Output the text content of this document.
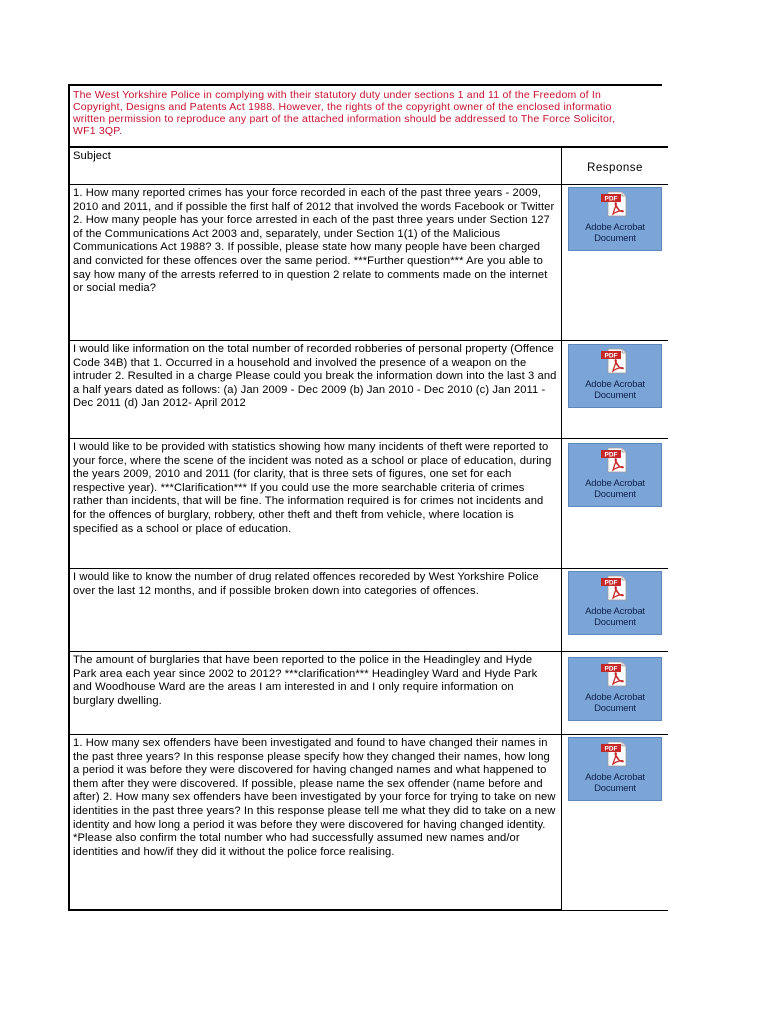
The West Yorkshire Police in complying with their statutory duty under sections 1 and 11 of the Freedom of In
Copyright, Designs and Patents Act 1988. However, the rights of the copyright owner of the enclosed informatio
written permission to reproduce any part of the attached information should be addressed to The Force Solicitor,
WF1 3QP.
Subject	Response

1. How many reported crimes has your force recorded in each of the past three years - 2009, 2010 and 2011, and if possible the first half of 2012 that involved the words Facebook or Twitter 2. How many people has your force arrested in each of the past three years under Section 127 of the Communications Act 2003 and, separately, under Section 1(1) of the Malicious Communications Act 1988? 3. If possible, please state how many people have been charged and convicted for these offences over the same period. ***Further question*** Are you able to say how many of the arrests referred to in question 2 relate to comments made on the internet or social media?	PDF
Adobe Acrobat Document

I would like information on the total number of recorded robberies of personal property (Offence Code 34B) that 1. Occurred in a household and involved the presence of a weapon on the intruder 2. Resulted in a charge Please could you break the information down into the last 3 and a half years dated as follows: (a) Jan 2009 - Dec 2009 (b) Jan 2010 - Dec 2010 (c) Jan 2011 - Dec 2011 (d) Jan 2012- April 2012	PDF
Adobe Acrobat Document

I would like to be provided with statistics showing how many incidents of theft were reported to your force, where the scene of the incident was noted as a school or place of education, during the years 2009, 2010 and 2011 (for clarity, that is three sets of figures, one set for each respective year). ***Clarification*** If you could use the more searchable criteria of crimes rather than incidents, that will be fine. The information required is for crimes not incidents and for the offences of burglary, robbery, other theft and theft from vehicle, where location is specified as a school or place of education.	PDF
Adobe Acrobat Document

I would like to know the number of drug related offences recoreded by West Yorkshire Police over the last 12 months, and if possible broken down into categories of offences.	PDF
Adobe Acrobat Document

The amount of burglaries that have been reported to the police in the Headingley and Hyde Park area each year since 2002 to 2012? ***clarification*** Headingley Ward and Hyde Park and Woodhouse Ward are the areas I am interested in and I only require information on burglary dwelling.	PDF
Adobe Acrobat Document

1. How many sex offenders have been investigated and found to have changed their names in the past three years? In this response please specify how they changed their names, how long a period it was before they were discovered for having changed names and what happened to them after they were discovered. If possible, please name the sex offender (name before and after) 2. How many sex offenders have been investigated by your force for trying to take on new identities in the past three years? In this response please tell me what they did to take on a new identity and how long a period it was before they were discovered for having changed identity. *Please also confirm the total number who had successfully assumed new names and/or identities and how/if they did it without the police force realising.	PDF
Adobe Acrobat Document
